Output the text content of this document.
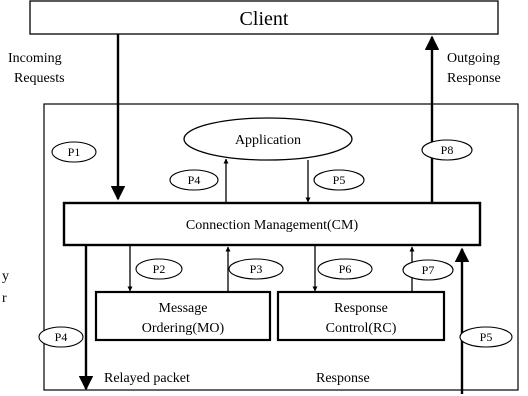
Client
Incoming
Requests
Outgoing
Response
y
r
Application
Connection Management(CM)
Message
Ordering(MO)
Response
Control(RC)
Relayed packet	Response
P1
P4	P5
P8
P2	P3	P6	P7
P4	P5
